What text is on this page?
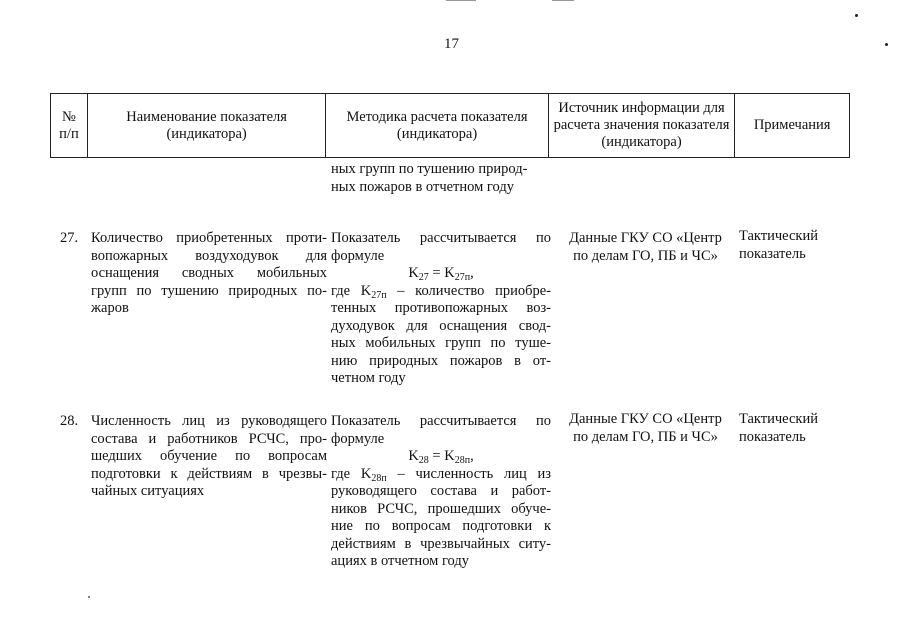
17
№ п/п
Наименование показателя (индикатора)
Методика расчета показателя (индикатора)
Источник информации для расчета значения показателя (индикатора)
Примечания
ных групп по тушению природ-
ных пожаров в отчетном году
27. Количество приобретенных проти-
вопожарных воздуходувок для
оснащения сводных мобильных
групп по тушению природных по-
жаров
Показатель рассчитывается по
формуле
$K_{27} = K_{27п}$,
где $K_{27п}$ – количество приобре-
тенных противопожарных воз-
духодувок для оснащения свод-
ных мобильных групп по туше-
нию природных пожаров в от-
четном году
Данные ГКУ СО «Центр
по делам ГО, ПБ и ЧС»
Тактический
показатель
28. Численность лиц из руководящего
состава и работников РСЧС, про-
шедших обучение по вопросам
подготовки к действиям в чрезвы-
чайных ситуациях
Показатель рассчитывается по
формуле
$K_{28} = K_{28п}$,
где $K_{28п}$ – численность лиц из
руководящего состава и работ-
ников РСЧС, прошедших обуче-
ние по вопросам подготовки к
действиям в чрезвычайных ситу-
ациях в отчетном году
Данные ГКУ СО «Центр
по делам ГО, ПБ и ЧС»
Тактический
показатель
